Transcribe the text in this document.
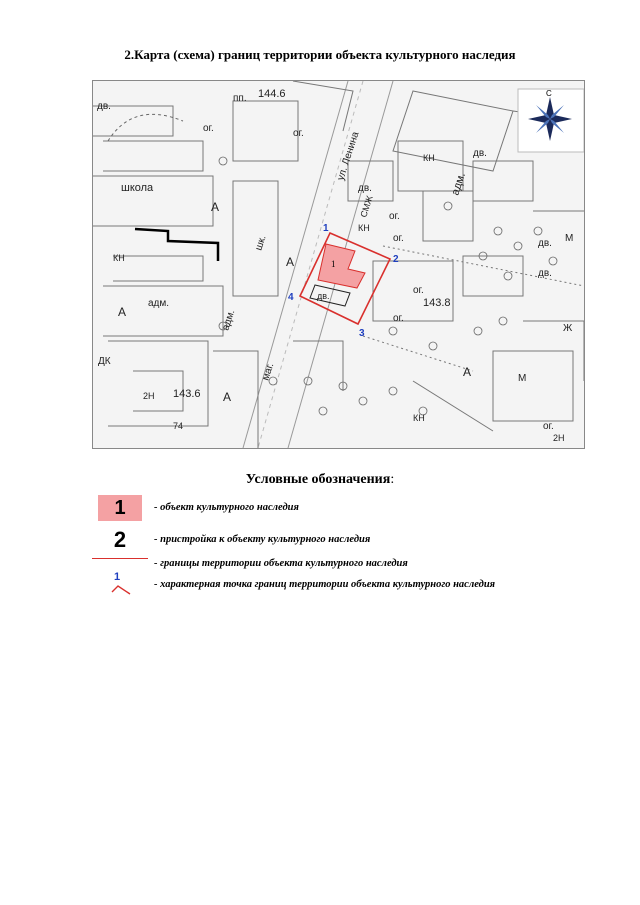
2.Карта (схема) границ территории объекта культурного наследия
144.6
пп.
дв.
ог.	ог.
школа
А
адм.
А
ДК
143.6
2Н
74
А
А
143.8
ог.
ог.
ог.
дв.
дв.
дв.
дв.
КН
КН
КН
А	М
ог.
2Н
КН
ог.	М
Ж
ул. Ленина
шк.
маг.
адм.
СМЖ
адм.
1
дв.
1
2
3
4
С
Условные обозначения:
1	- объект культурного наследия
2	- пристройка к объекту культурного наследия
- границы территории объекта культурного наследия
1
- характерная точка границ территории объекта культурного наследия
